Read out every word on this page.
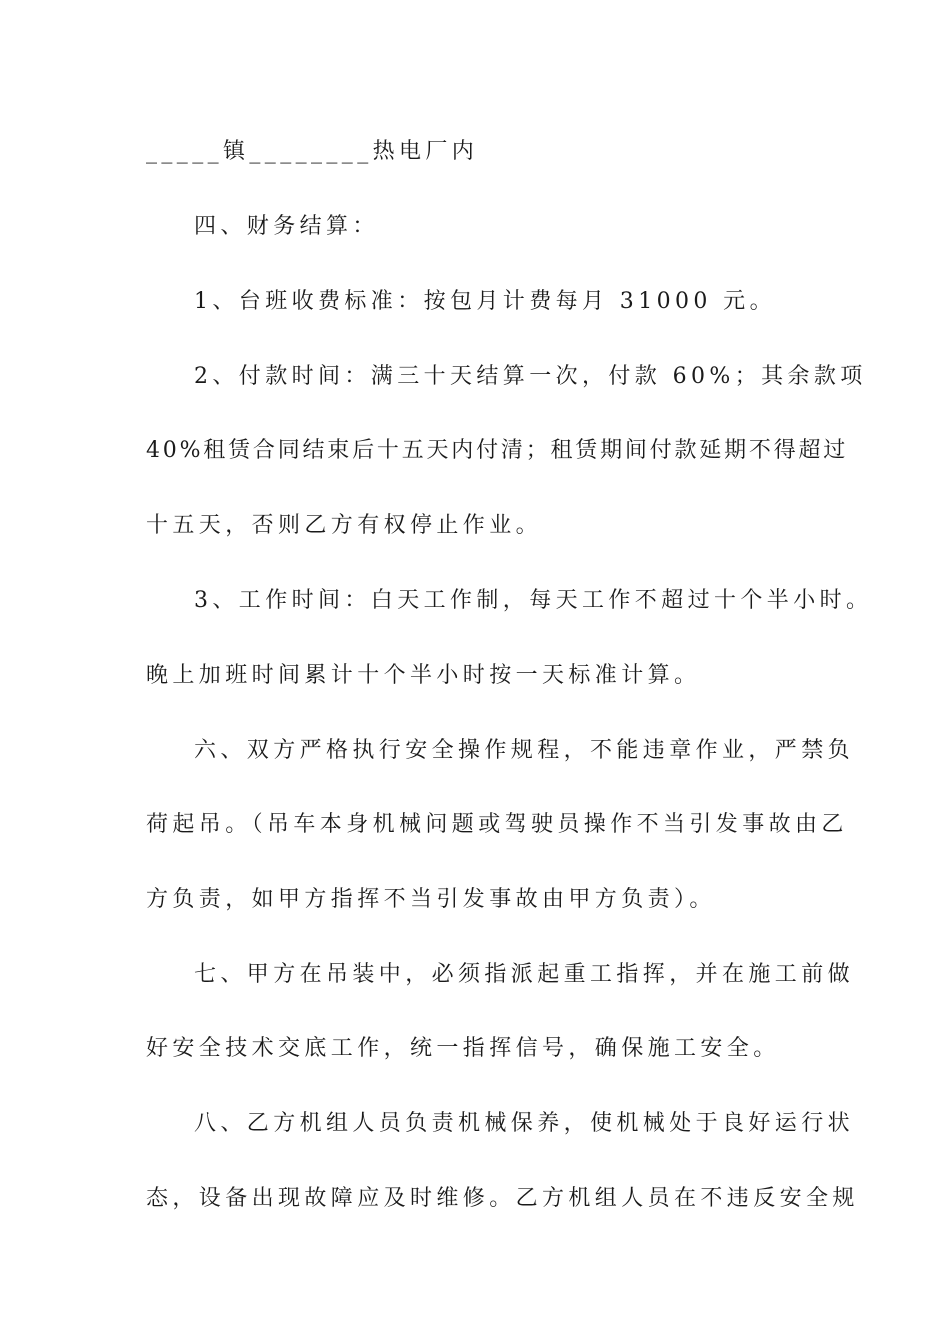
_____镇________热电厂内
四、财务结算：
1、台班收费标准：按包月计费每月 31000 元。
2、付款时间：满三十天结算一次，付款 60%；其余款项
40%租赁合同结束后十五天内付清；租赁期间付款延期不得超过
十五天，否则乙方有权停止作业。
3、工作时间：白天工作制，每天工作不超过十个半小时。
晚上加班时间累计十个半小时按一天标准计算。
六、双方严格执行安全操作规程，不能违章作业，严禁负
荷起吊。（吊车本身机械问题或驾驶员操作不当引发事故由乙
方负责，如甲方指挥不当引发事故由甲方负责）。
七、甲方在吊装中，必须指派起重工指挥，并在施工前做
好安全技术交底工作，统一指挥信号，确保施工安全。
八、乙方机组人员负责机械保养，使机械处于良好运行状
态，设备出现故障应及时维修。乙方机组人员在不违反安全规
